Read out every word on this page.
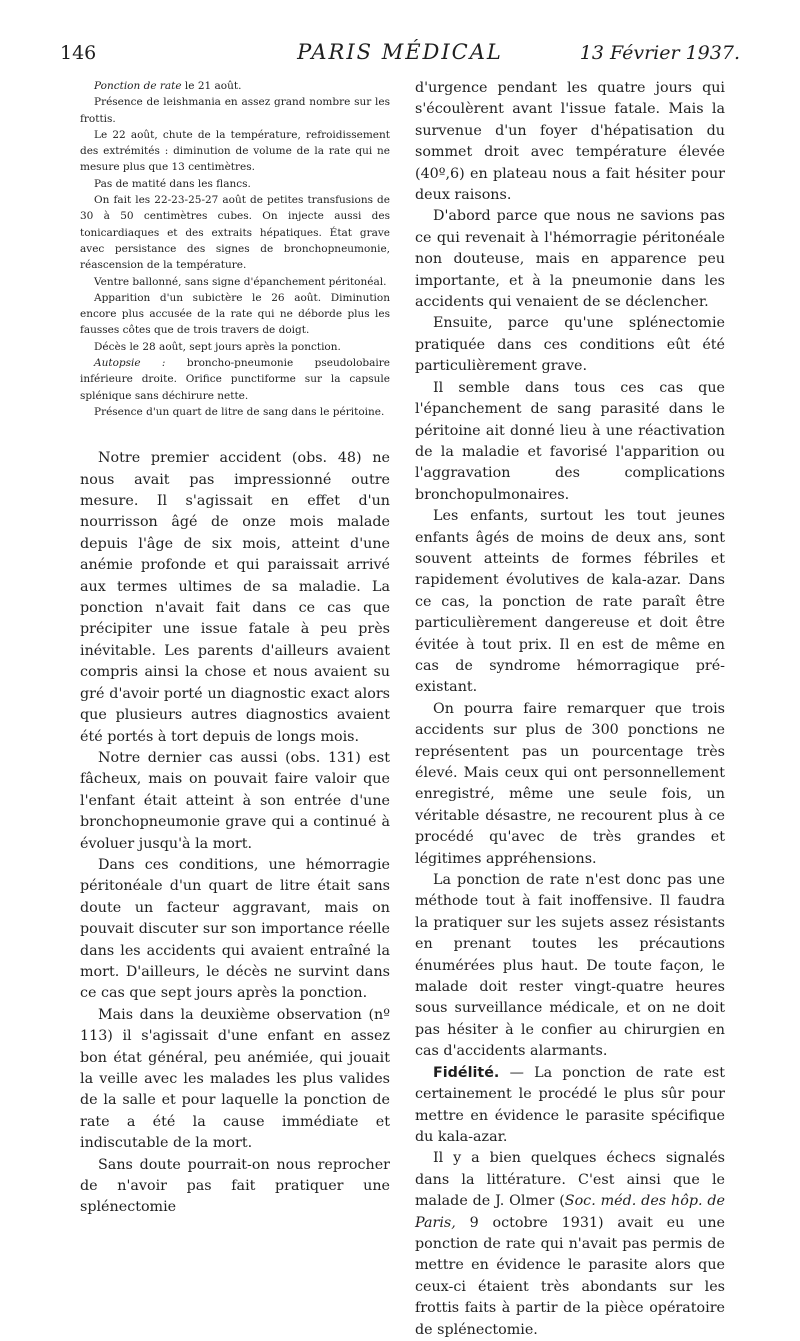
146	PARIS MÉDICAL	13 Février 1937.

Ponction de rate le 21 août.

Présence de leishmania en assez grand nombre sur les frottis.

Le 22 août, chute de la température, refroidissement des extrémités : diminution de volume de la rate qui ne mesure plus que 13 centimètres.

Pas de matité dans les flancs.

On fait les 22-23-25-27 août de petites transfusions de 30 à 50 centimètres cubes. On injecte aussi des tonicardiaques et des extraits hépatiques. État grave avec persistance des signes de bronchopneumonie, réascension de la température.

Ventre ballonné, sans signe d'épanchement péritonéal.

Apparition d'un subictère le 26 août. Diminution encore plus accusée de la rate qui ne déborde plus les fausses côtes que de trois travers de doigt.

Décès le 28 août, sept jours après la ponction.

Autopsie : broncho-pneumonie pseudolobaire inférieure droite. Orifice punctiforme sur la capsule splénique sans déchirure nette.

Présence d'un quart de litre de sang dans le péritoine.

Notre premier accident (obs. 48) ne nous avait pas impressionné outre mesure. Il s'agissait en effet d'un nourrisson âgé de onze mois malade depuis l'âge de six mois, atteint d'une anémie profonde et qui paraissait arrivé aux termes ultimes de sa maladie. La ponction n'avait fait dans ce cas que précipiter une issue fatale à peu près inévitable. Les parents d'ailleurs avaient compris ainsi la chose et nous avaient su gré d'avoir porté un diagnostic exact alors que plusieurs autres diagnostics avaient été portés à tort depuis de longs mois.

Notre dernier cas aussi (obs. 131) est fâcheux, mais on pouvait faire valoir que l'enfant était atteint à son entrée d'une bronchopneumonie grave qui a continué à évoluer jusqu'à la mort.

Dans ces conditions, une hémorragie péritonéale d'un quart de litre était sans doute un facteur aggravant, mais on pouvait discuter sur son importance réelle dans les accidents qui avaient entraîné la mort. D'ailleurs, le décès ne survint dans ce cas que sept jours après la ponction.

Mais dans la deuxième observation (nº 113) il s'agissait d'une enfant en assez bon état général, peu anémiée, qui jouait la veille avec les malades les plus valides de la salle et pour laquelle la ponction de rate a été la cause immédiate et indiscutable de la mort.

Sans doute pourrait-on nous reprocher de n'avoir pas fait pratiquer une splénectomie

d'urgence pendant les quatre jours qui s'écoulèrent avant l'issue fatale. Mais la survenue d'un foyer d'hépatisation du sommet droit avec température élevée (40º,6) en plateau nous a fait hésiter pour deux raisons.

D'abord parce que nous ne savions pas ce qui revenait à l'hémorragie péritonéale non douteuse, mais en apparence peu importante, et à la pneumonie dans les accidents qui venaient de se déclencher.

Ensuite, parce qu'une splénectomie pratiquée dans ces conditions eût été particulièrement grave.

Il semble dans tous ces cas que l'épanchement de sang parasité dans le péritoine ait donné lieu à une réactivation de la maladie et favorisé l'apparition ou l'aggravation des complications bronchopulmonaires.

Les enfants, surtout les tout jeunes enfants âgés de moins de deux ans, sont souvent atteints de formes fébriles et rapidement évolutives de kala-azar. Dans ce cas, la ponction de rate paraît être particulièrement dangereuse et doit être évitée à tout prix. Il en est de même en cas de syndrome hémorragique pré-existant.

On pourra faire remarquer que trois accidents sur plus de 300 ponctions ne représentent pas un pourcentage très élevé. Mais ceux qui ont personnellement enregistré, même une seule fois, un véritable désastre, ne recourent plus à ce procédé qu'avec de très grandes et légitimes appréhensions.

La ponction de rate n'est donc pas une méthode tout à fait inoffensive. Il faudra la pratiquer sur les sujets assez résistants en prenant toutes les précautions énumérées plus haut. De toute façon, le malade doit rester vingt-quatre heures sous surveillance médicale, et on ne doit pas hésiter à le confier au chirurgien en cas d'accidents alarmants.

Fidélité. — La ponction de rate est certainement le procédé le plus sûr pour mettre en évidence le parasite spécifique du kala-azar.

Il y a bien quelques échecs signalés dans la littérature. C'est ainsi que le malade de J. Olmer (Soc. méd. des hôp. de Paris, 9 octobre 1931) avait eu une ponction de rate qui n'avait pas permis de mettre en évidence le parasite alors que ceux-ci étaient très abondants sur les frottis faits à partir de la pièce opératoire de splénectomie.
